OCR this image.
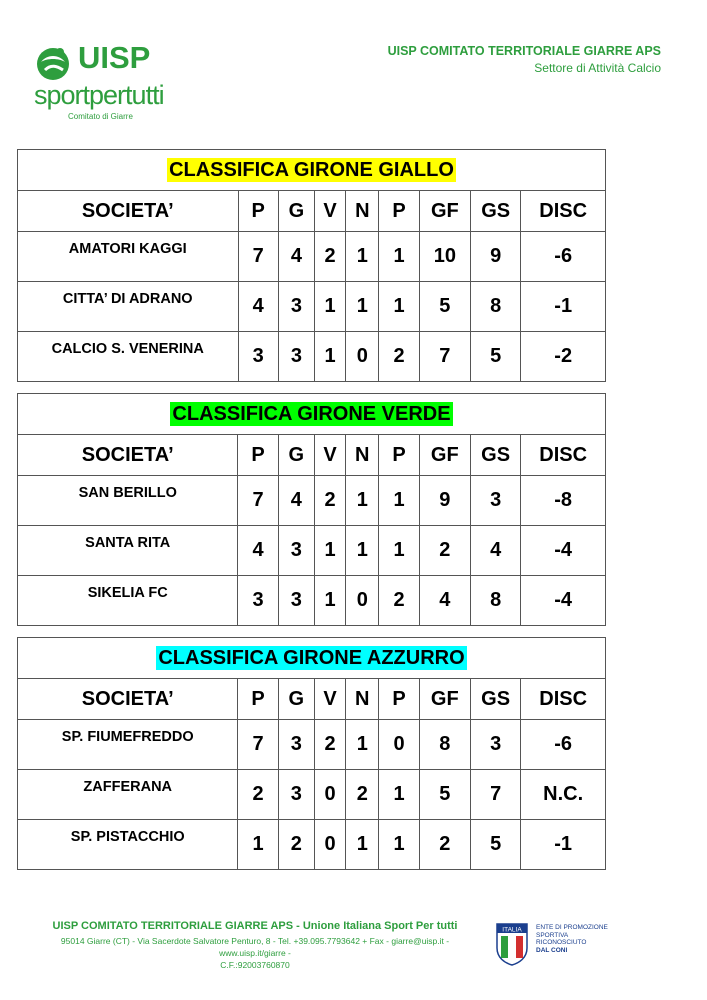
UISP
sportpertutti
Comitato di Giarre
UISP COMITATO TERRITORIALE GIARRE APS
Settore di Attività Calcio
CLASSIFICA GIRONE GIALLO								
SOCIETA’	P	G	V	N	P	GF	GS	DISC
AMATORI KAGGI	7	4	2	1	1	10	9	-6
CITTA’ DI ADRANO	4	3	1	1	1	5	8	-1
CALCIO S. VENERINA	3	3	1	0	2	7	5	-2
CLASSIFICA GIRONE VERDE								
SOCIETA’	P	G	V	N	P	GF	GS	DISC
SAN BERILLO	7	4	2	1	1	9	3	-8
SANTA RITA	4	3	1	1	1	2	4	-4
SIKELIA FC	3	3	1	0	2	4	8	-4
CLASSIFICA GIRONE AZZURRO								
SOCIETA’	P	G	V	N	P	GF	GS	DISC
SP. FIUMEFREDDO	7	3	2	1	0	8	3	-6
ZAFFERANA	2	3	0	2	1	5	7	N.C.
SP. PISTACCHIO	1	2	0	1	1	2	5	-1
UISP COMITATO TERRITORIALE GIARRE APS - Unione Italiana Sport Per tutti
95014 Giarre (CT) - Via Sacerdote Salvatore Penturo, 8 - Tel. +39.095.7793642 + Fax - giarre@uisp.it - www.uisp.it/giarre -
C.F.:92003760870
ITALIA ENTE DI PROMOZIONE
SPORTIVA
RICONOSCIUTO
DAL CONI
